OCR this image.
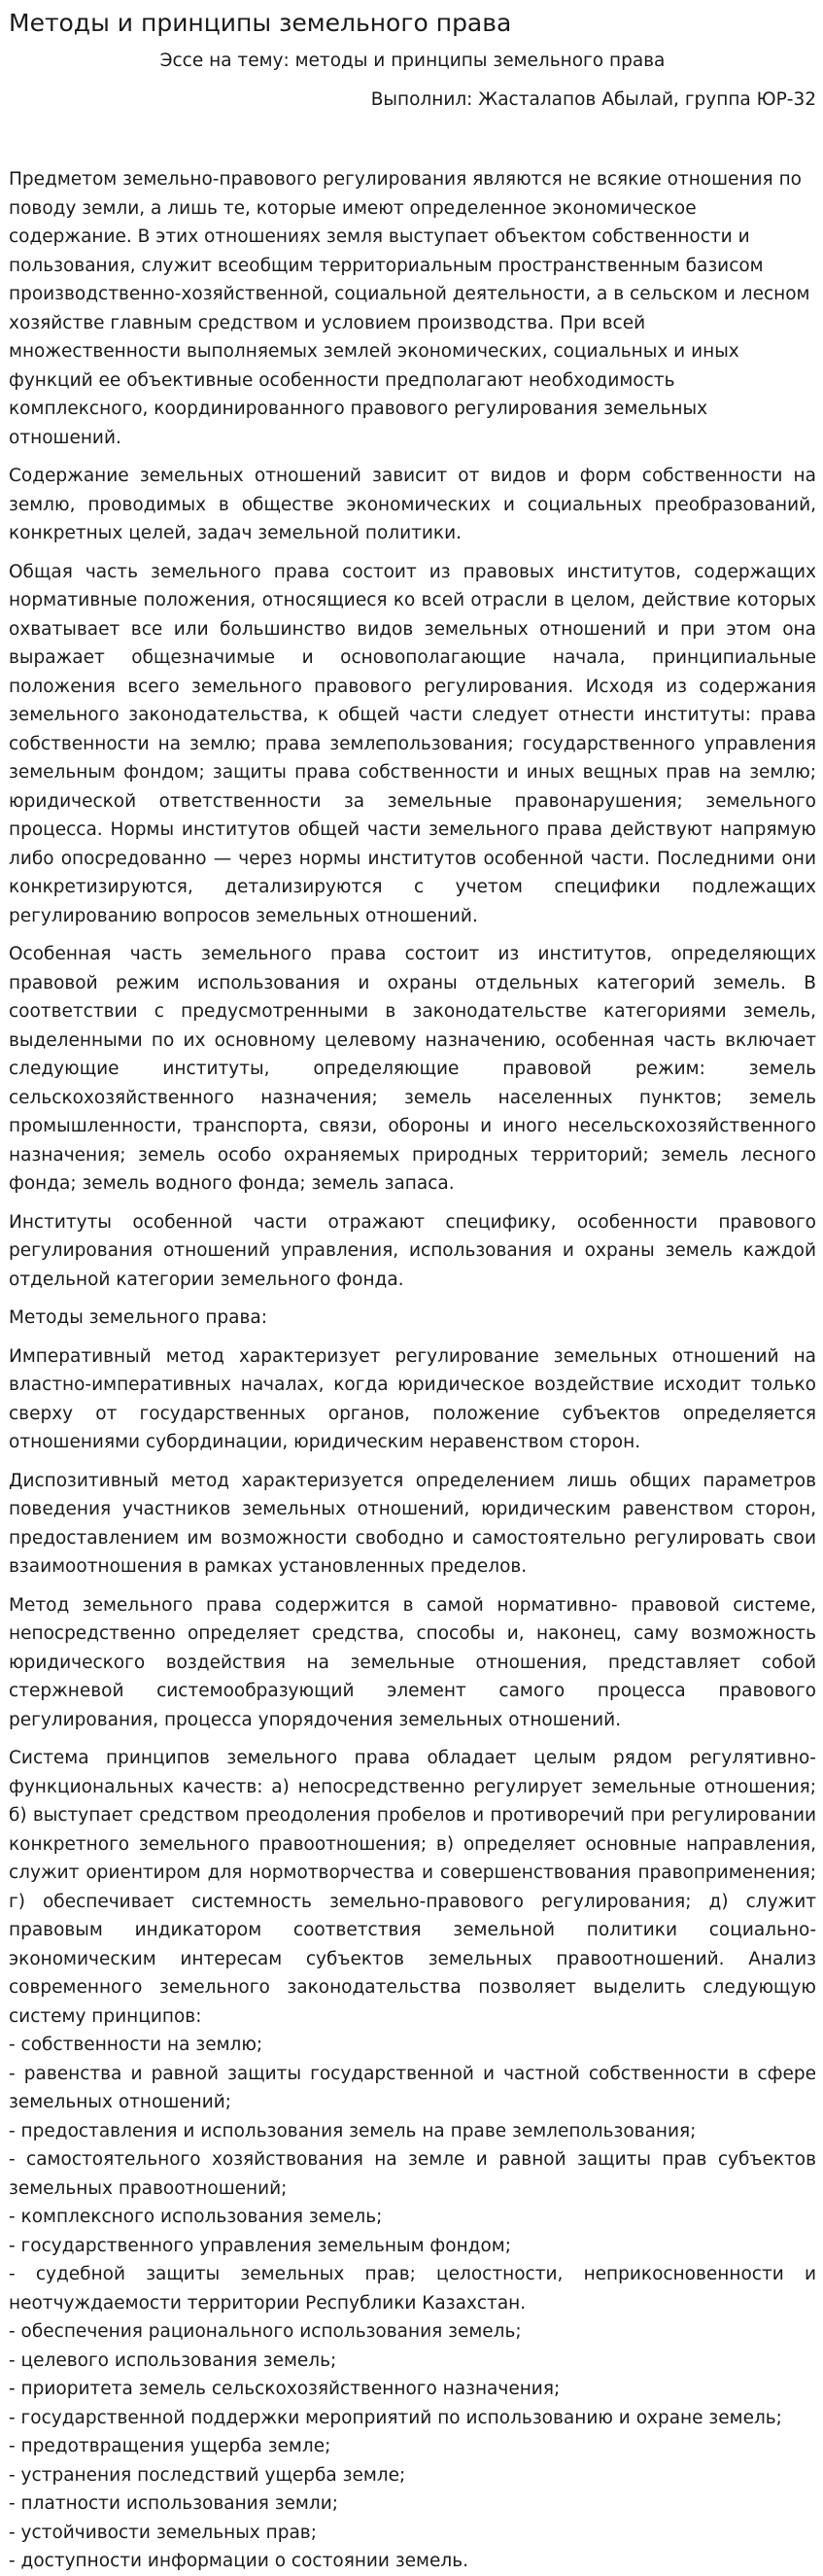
Методы и принципы земельного права
Эссе на тему: методы и принципы земельного права
Выполнил: Жасталапов Абылай, группа ЮР-32

Предметом земельно-правового регулирования являются не всякие отношения по поводу земли, а лишь те, которые имеют определенное экономическое содержание. В этих отношениях земля выступает объектом собственности и пользования, служит всеобщим территориальным пространственным базисом производственно-хозяйственной, социальной деятельности, а в сельском и лесном хозяйстве главным средством и условием производства. При всей множественности выполняемых землей экономических, социальных и иных функций ее объективные особенности предполагают необходимость комплексного, координированного правового регулирования земельных отношений.

Содержание земельных отношений зависит от видов и форм собственности на землю, проводимых в обществе экономических и социальных преобразований, конкретных целей, задач земельной политики.

Общая часть земельного права состоит из правовых институтов, содержащих нормативные положения, относящиеся ко всей отрасли в целом, действие которых охватывает все или большинство видов земельных отношений и при этом она выражает общезначимые и основополагающие начала, принципиальные положения всего земельного правового регулирования. Исходя из содержания земельного законодательства, к общей части следует отнести институты: права собственности на землю; права землепользования; государственного управления земельным фондом; защиты права собственности и иных вещных прав на землю; юридической ответственности за земельные правонарушения; земельного процесса. Нормы институтов общей части земельного права действуют напрямую либо опосредованно — через нормы институтов особенной части. Последними они конкретизируются, детализируются с учетом специфики подлежащих регулированию вопросов земельных отношений.

Особенная часть земельного права состоит из институтов, определяющих правовой режим использования и охраны отдельных категорий земель. В соответствии с предусмотренными в законодательстве категориями земель, выделенными по их основному целевому назначению, особенная часть включает следующие институты, определяющие правовой режим: земель сельскохозяйственного назначения; земель населенных пунктов; земель промышленности, транспорта, связи, обороны и иного несельскохозяйственного назначения; земель особо охраняемых природных территорий; земель лесного фонда; земель водного фонда; земель запаса.

Институты особенной части отражают специфику, особенности правового регулирования отношений управления, использования и охраны земель каждой отдельной категории земельного фонда.

Методы земельного права:

Императивный метод характеризует регулирование земельных отношений на властно-императивных началах, когда юридическое воздействие исходит только сверху от государственных органов, положение субъектов определяется отношениями субординации, юридическим неравенством сторон.

Диспозитивный метод характеризуется определением лишь общих параметров поведения участников земельных отношений, юридическим равенством сторон, предоставлением им возможности свободно и самостоятельно регулировать свои взаимоотношения в рамках установленных пределов.

Метод земельного права содержится в самой нормативно- правовой системе, непосредственно определяет средства, способы и, наконец, саму возможность юридического воздействия на земельные отношения, представляет собой стержневой системообразующий элемент самого процесса правового регулирования, процесса упорядочения земельных отношений.

Система принципов земельного права обладает целым рядом регулятивно-функциональных качеств: а) непосредственно регулирует земельные отношения; б) выступает средством преодоления пробелов и противоречий при регулировании конкретного земельного правоотношения; в) определяет основные направления, служит ориентиром для нормотворчества и совершенствования правоприменения; г) обеспечивает системность земельно-правового регулирования; д) служит правовым индикатором соответствия земельной политики социально-экономическим интересам субъектов земельных правоотношений. Анализ современного земельного законодательства позволяет выделить следующую систему принципов:

- собственности на землю;
- равенства и равной защиты государственной и частной собственности в сфере земельных отношений;
- предоставления и использования земель на праве землепользования;
- самостоятельного хозяйствования на земле и равной защиты прав субъектов земельных правоотношений;
- комплексного использования земель;
- государственного управления земельным фондом;
- судебной защиты земельных прав; целостности, неприкосновенности и неотчуждаемости территории Республики Казахстан.
- обеспечения рационального использования земель;
- целевого использования земель;
- приоритета земель сельскохозяйственного назначения;
- государственной поддержки мероприятий по использованию и охране земель;
- предотвращения ущерба земле;
- устранения последствий ущерба земле;
- платности использования земли;
- устойчивости земельных прав;
- доступности информации о состоянии земель.
